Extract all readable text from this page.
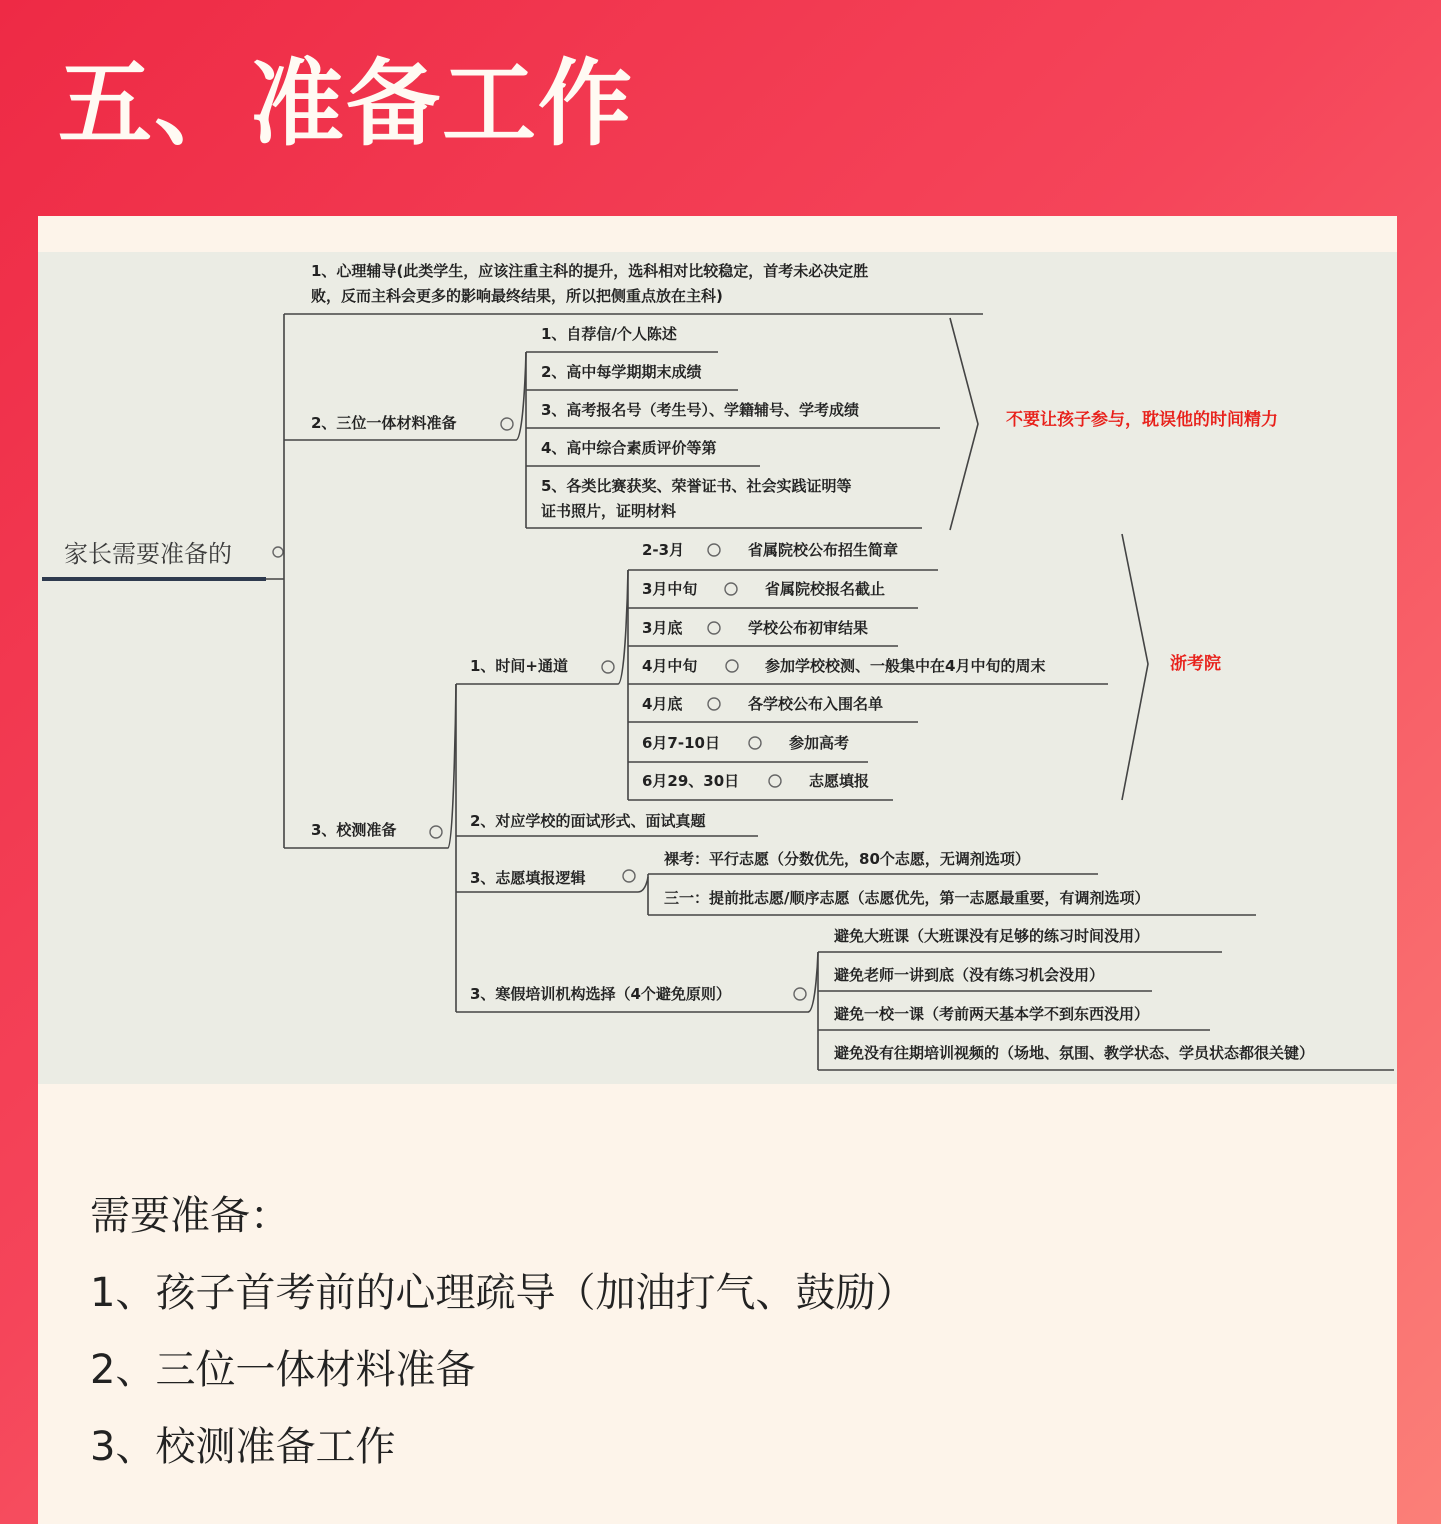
五、准备工作
家长需要准备的
1、心理辅导(此类学生，应该注重主科的提升，选科相对比较稳定，首考未必决定胜
败，反而主科会更多的影响最终结果，所以把侧重点放在主科)
2、三位一体材料准备
1、自荐信/个人陈述
2、高中每学期期末成绩
3、高考报名号（考生号）、学籍辅号、学考成绩
4、高中综合素质评价等第
5、各类比赛获奖、荣誉证书、社会实践证明等
证书照片，证明材料
不要让孩子参与，耽误他的时间精力
3、校测准备
1、时间+通道
2-3月	省属院校公布招生简章
3月中旬	省属院校报名截止
3月底	学校公布初审结果
4月中旬	参加学校校测、一般集中在4月中旬的周末
4月底	各学校公布入围名单
6月7-10日	参加高考
6月29、30日	志愿填报
浙考院
2、对应学校的面试形式、面试真题
3、志愿填报逻辑
裸考：平行志愿（分数优先，80个志愿，无调剂选项）
三一：提前批志愿/顺序志愿（志愿优先，第一志愿最重要，有调剂选项）
3、寒假培训机构选择（4个避免原则）
避免大班课（大班课没有足够的练习时间没用）
避免老师一讲到底（没有练习机会没用）
避免一校一课（考前两天基本学不到东西没用）
避免没有往期培训视频的（场地、氛围、教学状态、学员状态都很关键）
需要准备：
1、孩子首考前的心理疏导（加油打气、鼓励）
2、三位一体材料准备
3、校测准备工作
